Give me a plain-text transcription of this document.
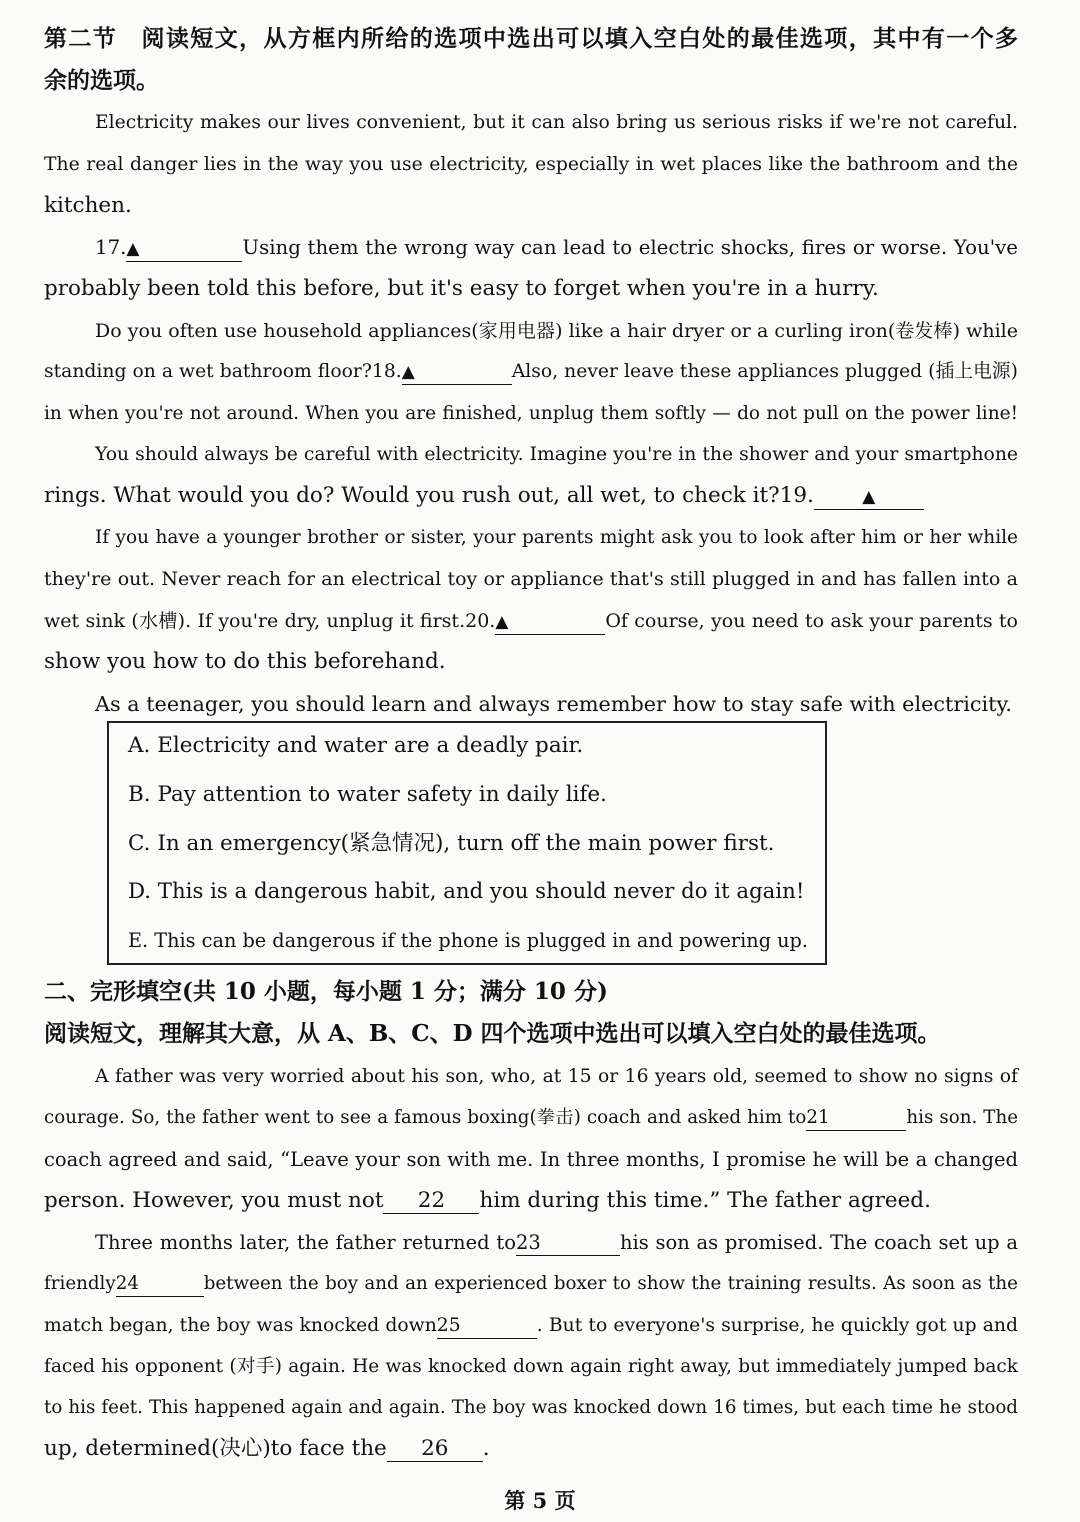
第二节　阅读短文，从方框内所给的选项中选出可以填入空白处的最佳选项，其中有一个多
余的选项。
Electricity makes our lives convenient, but it can also bring us serious risks if we're not careful.
The real danger lies in the way you use electricity, especially in wet places like the bathroom and the
kitchen.
17.▲	Using them the wrong way can lead to electric shocks, fires or worse. You've
probably been told this before, but it's easy to forget when you're in a hurry.
Do you often use household appliances(家用电器) like a hair dryer or a curling iron(卷发棒) while
standing on a wet bathroom floor?18.▲	Also, never leave these appliances plugged (插上电源)
in when you're not around. When you are finished, unplug them softly — do not pull on the power line!
You should always be careful with electricity. Imagine you're in the shower and your smartphone
rings. What would you do? Would you rush out, all wet, to check it?19.	▲
If you have a younger brother or sister, your parents might ask you to look after him or her while
they're out. Never reach for an electrical toy or appliance that's still plugged in and has fallen into a
wet sink (水槽). If you're dry, unplug it first.20.▲	Of course, you need to ask your parents to
show you how to do this beforehand.
As a teenager, you should learn and always remember how to stay safe with electricity.
A. Electricity and water are a deadly pair.
B. Pay attention to water safety in daily life.
C. In an emergency(紧急情况), turn off the main power first.
D. This is a dangerous habit, and you should never do it again!
E. This can be dangerous if the phone is plugged in and powering up.
二、完形填空(共 10 小题，每小题 1 分；满分 10 分)
阅读短文，理解其大意，从 A、B、C、D 四个选项中选出可以填入空白处的最佳选项。
A father was very worried about his son, who, at 15 or 16 years old, seemed to show no signs of
courage. So, the father went to see a famous boxing(拳击) coach and asked him to21	his son. The
coach agreed and said, “Leave your son with me. In three months, I promise he will be a changed
person. However, you must not 22 him during this time.” The father agreed.
Three months later, the father returned to23	his son as promised. The coach set up a
friendly24	between the boy and an experienced boxer to show the training results. As soon as the
match began, the boy was knocked down25	. But to everyone's surprise, he quickly got up and
faced his opponent (对手) again. He was knocked down again right away, but immediately jumped back
to his feet. This happened again and again. The boy was knocked down 16 times, but each time he stood
up, determined(决心)to face the 26 .
第 5 页
